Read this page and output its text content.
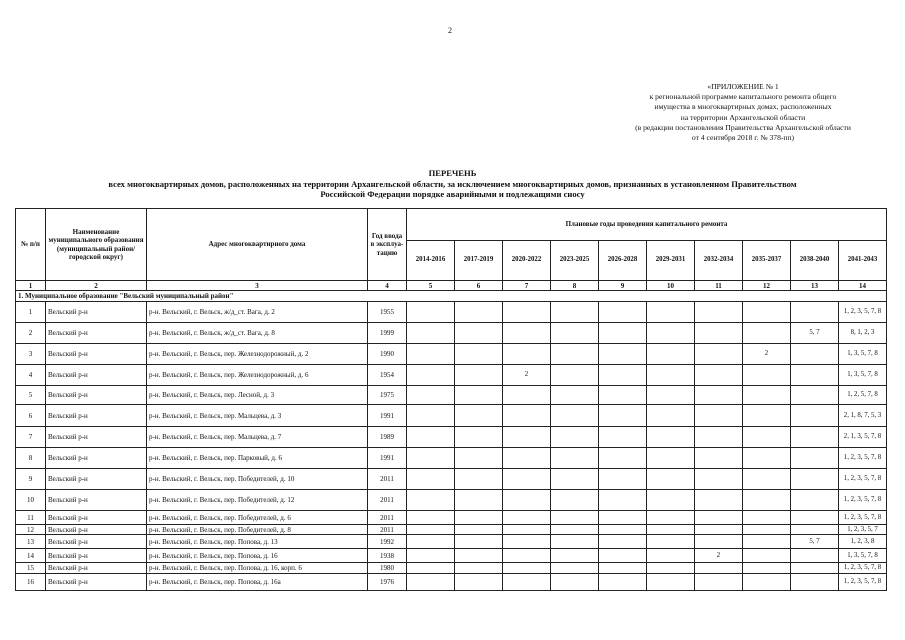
2
«ПРИЛОЖЕНИЕ № 1
к региональной программе капитального ремонта общего
имущества в многоквартирных домах, расположенных
на территории Архангельской области
(в редакции постановления Правительства Архангельской области
от 4 сентября 2018 г. № 378-пп)
ПЕРЕЧЕНЬ
всех многоквартирных домов, расположенных на территории Архангельской области, за исключением многоквартирных домов, признанных в установленном Правительством
Российской Федерации порядке аварийными и подлежащими сносу
№ п/п	Наименование муниципального образования (муниципальный район/городской округ)	Адрес многоквартирного дома	Год ввода в эксплуа-тацию	Плановые годы проведения капитального ремонта									
				2014-2016	2017-2019	2020-2022	2023-2025	2026-2028	2029-2031	2032-2034	2035-2037	2038-2040	2041-2043
1	2	3	4	5	6	7	8	9	10	11	12	13	14
1. Муниципальное образование "Вельский муниципальный район"													
1	Вельский р-н	р-н. Вельский, г. Вельск, ж/д_ст. Вага, д. 2	1955										1, 2, 3, 5, 7, 8
2	Вельский р-н	р-н. Вельский, г. Вельск, ж/д_ст. Вага, д. 8	1999									5, 7	8, 1, 2, 3
3	Вельский р-н	р-н. Вельский, г. Вельск, пер. Железнодорожный, д. 2	1990								2		1, 3, 5, 7, 8
4	Вельский р-н	р-н. Вельский, г. Вельск, пер. Железнодорожный, д. 6	1954			2							1, 3, 5, 7, 8
5	Вельский р-н	р-н. Вельский, г. Вельск, пер. Лесной, д. 3	1975										1, 2, 5, 7, 8
6	Вельский р-н	р-н. Вельский, г. Вельск, пер. Мальцева, д. 3	1991										2, 1, 8, 7, 5, 3
7	Вельский р-н	р-н. Вельский, г. Вельск, пер. Мальцева, д. 7	1989										2, 1, 3, 5, 7, 8
8	Вельский р-н	р-н. Вельский, г. Вельск, пер. Парковый, д. 6	1991										1, 2, 3, 5, 7, 8
9	Вельский р-н	р-н. Вельский, г. Вельск, пер. Победителей, д. 10	2011										1, 2, 3, 5, 7, 8
10	Вельский р-н	р-н. Вельский, г. Вельск, пер. Победителей, д. 12	2011										1, 2, 3, 5, 7, 8
11	Вельский р-н	р-н. Вельский, г. Вельск, пер. Победителей, д. 6	2011										1, 2, 3, 5, 7, 8
12	Вельский р-н	р-н. Вельский, г. Вельск, пер. Победителей, д. 8	2011										1, 2, 3, 5, 7
13	Вельский р-н	р-н. Вельский, г. Вельск, пер. Попова, д. 13	1992									5, 7	1, 2, 3, 8
14	Вельский р-н	р-н. Вельский, г. Вельск, пер. Попова, д. 16	1938							2			1, 3, 5, 7, 8
15	Вельский р-н	р-н. Вельский, г. Вельск, пер. Попова, д. 16, корп. 6	1980										1, 2, 3, 5, 7, 8
16	Вельский р-н	р-н. Вельский, г. Вельск, пер. Попова, д. 16а	1976										1, 2, 3, 5, 7, 8
